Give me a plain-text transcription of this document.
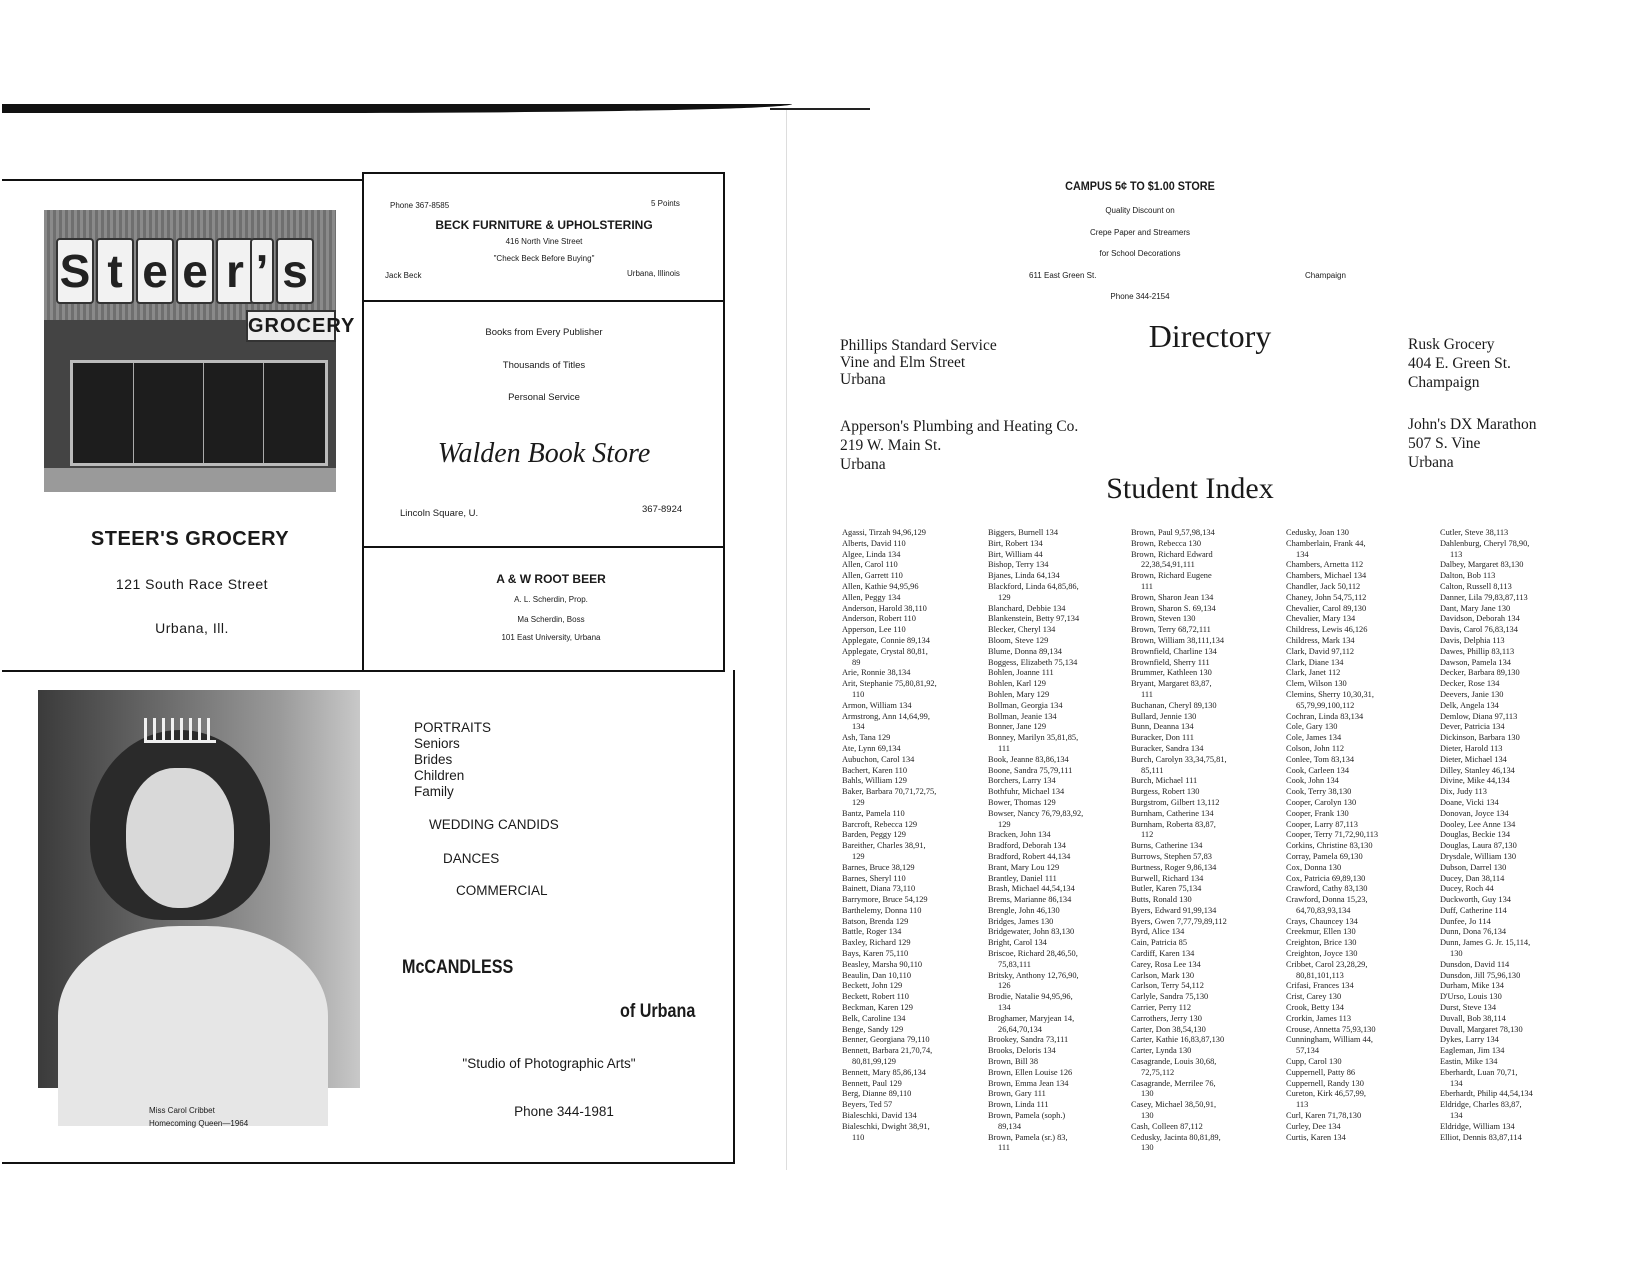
S t e e r ’ s
GROCERY
STEER'S GROCERY
121 South Race Street
Urbana, Ill.
Phone 367-8585	5 Points
BECK FURNITURE & UPHOLSTERING
416 North Vine Street
"Check Beck Before Buying"
Jack Beck	Urbana, Illinois
Books from Every Publisher
Thousands of Titles
Personal Service
Walden Book Store
Lincoln Square, U.	367-8924
A & W ROOT BEER
A. L. Scherdin, Prop.
Ma Scherdin, Boss
101 East University, Urbana
Miss Carol Cribbet
Homecoming Queen—1964
PORTRAITS
Seniors
Brides
Children
Family
WEDDING CANDIDS
DANCES
COMMERCIAL
McCANDLESS
of Urbana
"Studio of Photographic Arts"
Phone 344-1981
CAMPUS 5¢ TO $1.00 STORE
Quality Discount on
Crepe Paper and Streamers
for School Decorations
611 East Green St.	Champaign
Phone 344-2154
Directory
Phillips Standard Service
Vine and Elm Street
Urbana
Rusk Grocery
404 E. Green St.
Champaign
Apperson's Plumbing and Heating Co.
219 W. Main St.
Urbana
John's DX Marathon
507 S. Vine
Urbana
Student Index
Agassi, Tirzah 94,96,129
Alberts, David 110
Algee, Linda 134
Allen, Carol 110
Allen, Garrett 110
Allen, Kathie 94,95,96
Allen, Peggy 134
Anderson, Harold 38,110
Anderson, Robert 110
Apperson, Lee 110
Applegate, Connie 89,134
Applegate, Crystal 80,81,
89
Arie, Ronnie 38,134
Arit, Stephanie 75,80,81,92,
110
Armon, William 134
Armstrong, Ann 14,64,99,
134
Ash, Tana 129
Ate, Lynn 69,134
Aubuchon, Carol 134
Bachert, Karen 110
Bahls, William 129
Baker, Barbara 70,71,72,75,
129
Bantz, Pamela 110
Barcroft, Rebecca 129
Barden, Peggy 129
Bareither, Charles 38,91,
129
Barnes, Bruce 38,129
Barnes, Sheryl 110
Bainett, Diana 73,110
Barrymore, Bruce 54,129
Barthelemy, Donna 110
Batson, Brenda 129
Battle, Roger 134
Baxley, Richard 129
Bays, Karen 75,110
Beasley, Marsha 90,110
Beaulin, Dan 10,110
Beckett, John 129
Beckett, Robert 110
Beckman, Karen 129
Belk, Caroline 134
Benge, Sandy 129
Benner, Georgiana 79,110
Bennett, Barbara 21,70,74,
80,81,99,129
Bennett, Mary 85,86,134
Bennett, Paul 129
Berg, Dianne 89,110
Beyers, Ted 57
Bialeschki, David 134
Bialeschki, Dwight 38,91,
110
Biggers, Burnell 134
Birt, Robert 134
Birt, William 44
Bishop, Terry 134
Bjanes, Linda 64,134
Blackford, Linda 64,85,86,
129
Blanchard, Debbie 134
Blankenstein, Betty 97,134
Blecker, Cheryl 134
Bloom, Steve 129
Blume, Donna 89,134
Boggess, Elizabeth 75,134
Bohlen, Joanne 111
Bohlen, Karl 129
Bohlen, Mary 129
Bollman, Georgia 134
Bollman, Jeanie 134
Bonner, Jane 129
Bonney, Marilyn 35,81,85,
111
Book, Jeanne 83,86,134
Boone, Sandra 75,79,111
Borchers, Larry 134
Bothfuhr, Michael 134
Bower, Thomas 129
Bowser, Nancy 76,79,83,92,
129
Bracken, John 134
Bradford, Deborah 134
Bradford, Robert 44,134
Brant, Mary Lou 129
Brantley, Daniel 111
Brash, Michael 44,54,134
Brems, Marianne 86,134
Brengle, John 46,130
Bridges, James 130
Bridgewater, John 83,130
Bright, Carol 134
Briscoe, Richard 28,46,50,
75,83,111
Britsky, Anthony 12,76,90,
126
Brodie, Natalie 94,95,96,
134
Broghamer, Maryjean 14,
26,64,70,134
Brookey, Sandra 73,111
Brooks, Deloris 134
Brown, Bill 38
Brown, Ellen Louise 126
Brown, Emma Jean 134
Brown, Gary 111
Brown, Linda 111
Brown, Pamela (soph.)
89,134
Brown, Pamela (sr.) 83,
111
Brown, Paul 9,57,98,134
Brown, Rebecca 130
Brown, Richard Edward
22,38,54,91,111
Brown, Richard Eugene
111
Brown, Sharon Jean 134
Brown, Sharon S. 69,134
Brown, Steven 130
Brown, Terry 68,72,111
Brown, William 38,111,134
Brownfield, Charline 134
Brownfield, Sherry 111
Brummer, Kathleen 130
Bryant, Margaret 83,87,
111
Buchanan, Cheryl 89,130
Bullard, Jennie 130
Bunn, Deanna 134
Buracker, Don 111
Buracker, Sandra 134
Burch, Carolyn 33,34,75,81,
85,111
Burch, Michael 111
Burgess, Robert 130
Burgstrom, Gilbert 13,112
Burnham, Catherine 134
Burnham, Roberta 83,87,
112
Burns, Catherine 134
Burrows, Stephen 57,83
Burtness, Roger 9,86,134
Burwell, Richard 134
Butler, Karen 75,134
Butts, Ronald 130
Byers, Edward 91,99,134
Byers, Gwen 7,77,79,89,112
Byrd, Alice 134
Cain, Patricia 85
Cardiff, Karen 134
Carey, Rosa Lee 134
Carlson, Mark 130
Carlson, Terry 54,112
Carlyle, Sandra 75,130
Carrier, Perry 112
Carrothers, Jerry 130
Carter, Don 38,54,130
Carter, Kathie 16,83,87,130
Carter, Lynda 130
Casagrande, Louis 30,68,
72,75,112
Casagrande, Merrilee 76,
130
Casey, Michael 38,50,91,
130
Cash, Colleen 87,112
Cedusky, Jacinta 80,81,89,
130
Cedusky, Joan 130
Chamberlain, Frank 44,
134
Chambers, Arnetta 112
Chambers, Michael 134
Chandler, Jack 50,112
Chaney, John 54,75,112
Chevalier, Carol 89,130
Chevalier, Mary 134
Childress, Lewis 46,126
Childress, Mark 134
Clark, David 97,112
Clark, Diane 134
Clark, Janet 112
Clem, Wilson 130
Clemins, Sherry 10,30,31,
65,79,99,100,112
Cochran, Linda 83,134
Cole, Gary 130
Cole, James 134
Colson, John 112
Conlee, Tom 83,134
Cook, Carleen 134
Cook, John 134
Cook, Terry 38,130
Cooper, Carolyn 130
Cooper, Frank 130
Cooper, Larry 87,113
Cooper, Terry 71,72,90,113
Corkins, Christine 83,130
Corray, Pamela 69,130
Cox, Donna 130
Cox, Patricia 69,89,130
Crawford, Cathy 83,130
Crawford, Donna 15,23,
64,70,83,93,134
Crays, Chauncey 134
Creekmur, Ellen 130
Creighton, Brice 130
Creighton, Joyce 130
Cribbet, Carol 23,28,29,
80,81,101,113
Crifasi, Frances 134
Crist, Carey 130
Crook, Betty 134
Crorkin, James 113
Crouse, Annetta 75,93,130
Cunningham, William 44,
57,134
Cupp, Carol 130
Cuppernell, Patty 86
Cuppernell, Randy 130
Cureton, Kirk 46,57,99,
113
Curl, Karen 71,78,130
Curley, Dee 134
Curtis, Karen 134
Cutler, Steve 38,113
Dahlenburg, Cheryl 78,90,
113
Dalbey, Margaret 83,130
Dalton, Bob 113
Calton, Russell 8,113
Danner, Lila 79,83,87,113
Dant, Mary Jane 130
Davidson, Deborah 134
Davis, Carol 76,83,134
Davis, Delphia 113
Dawes, Phillip 83,113
Dawson, Pamela 134
Decker, Barbara 89,130
Decker, Rose 134
Deevers, Janie 130
Delk, Angela 134
Demlow, Diana 97,113
Dever, Patricia 134
Dickinson, Barbara 130
Dieter, Harold 113
Dieter, Michael 134
Dilley, Stanley 46,134
Divine, Mike 44,134
Dix, Judy 113
Doane, Vicki 134
Donovan, Joyce 134
Dooley, Lee Anne 134
Douglas, Beckie 134
Douglas, Laura 87,130
Drysdale, William 130
Dubson, Darrel 130
Ducey, Dan 38,114
Ducey, Roch 44
Duckworth, Guy 134
Duff, Catherine 114
Dunfee, Jo 114
Dunn, Dona 76,134
Dunn, James G. Jr. 15,114,
130
Dunsdon, David 114
Dunsdon, Jill 75,96,130
Durham, Mike 134
D'Urso, Louis 130
Durst, Steve 134
Duvall, Bob 38,114
Duvall, Margaret 78,130
Dykes, Larry 134
Eagleman, Jim 134
Eastin, Mike 134
Eberhardt, Luan 70,71,
134
Eberhardt, Philip 44,54,134
Eldridge, Charles 83,87,
134
Eldridge, William 134
Elliot, Dennis 83,87,114
